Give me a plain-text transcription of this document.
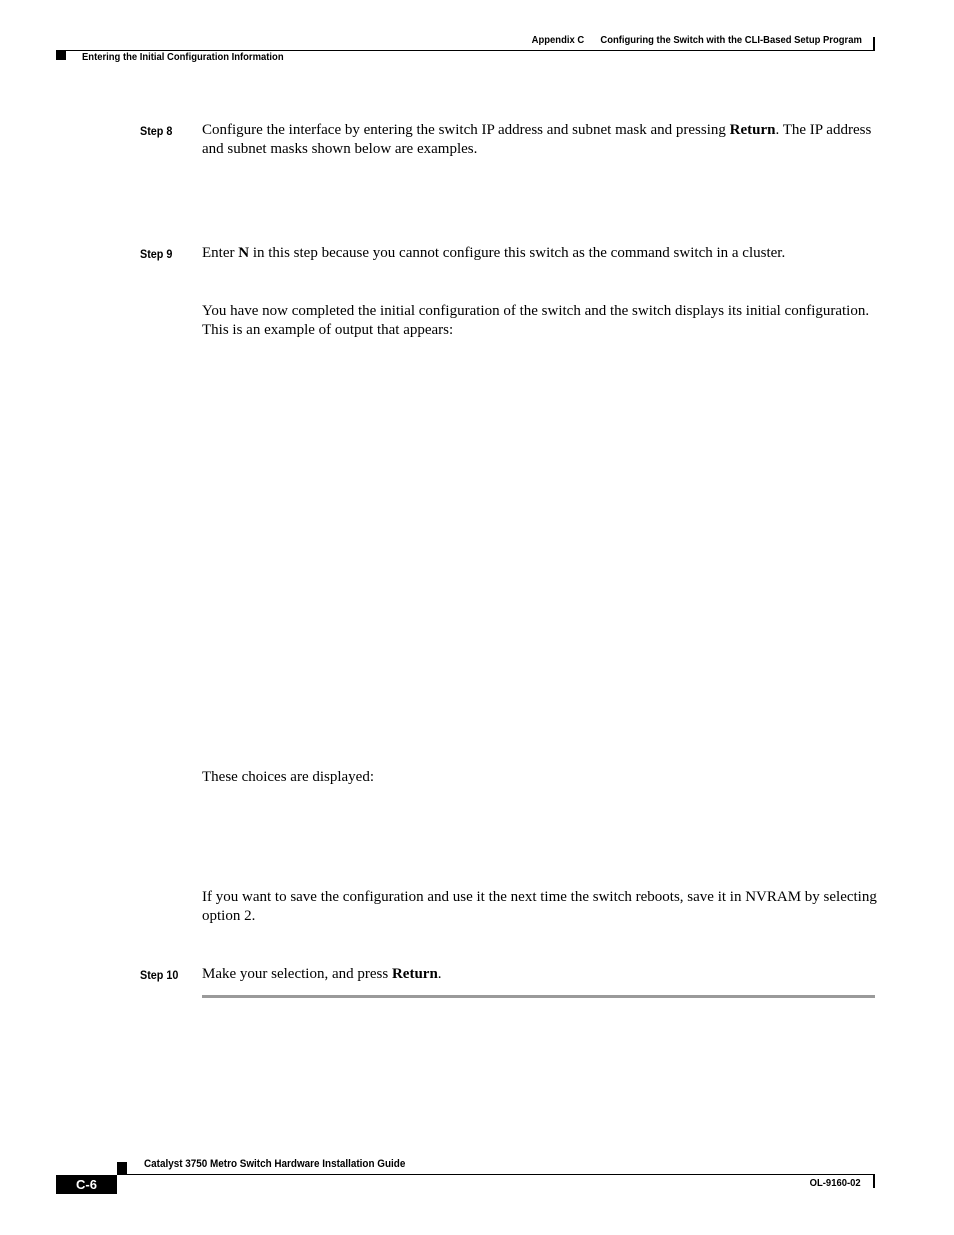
Appendix C Configuring the Switch with the CLI-Based Setup Program
Entering the Initial Configuration Information
Step 8 Configure the interface by entering the switch IP address and subnet mask and pressing Return. The IP address and subnet masks shown below are examples.
Step 9 Enter N in this step because you cannot configure this switch as the command switch in a cluster.
You have now completed the initial configuration of the switch and the switch displays its initial configuration. This is an example of output that appears:
These choices are displayed:
If you want to save the configuration and use it the next time the switch reboots, save it in NVRAM by selecting option 2.
Step 10 Make your selection, and press Return.
Catalyst 3750 Metro Switch Hardware Installation Guide
C-6	OL-9160-02
